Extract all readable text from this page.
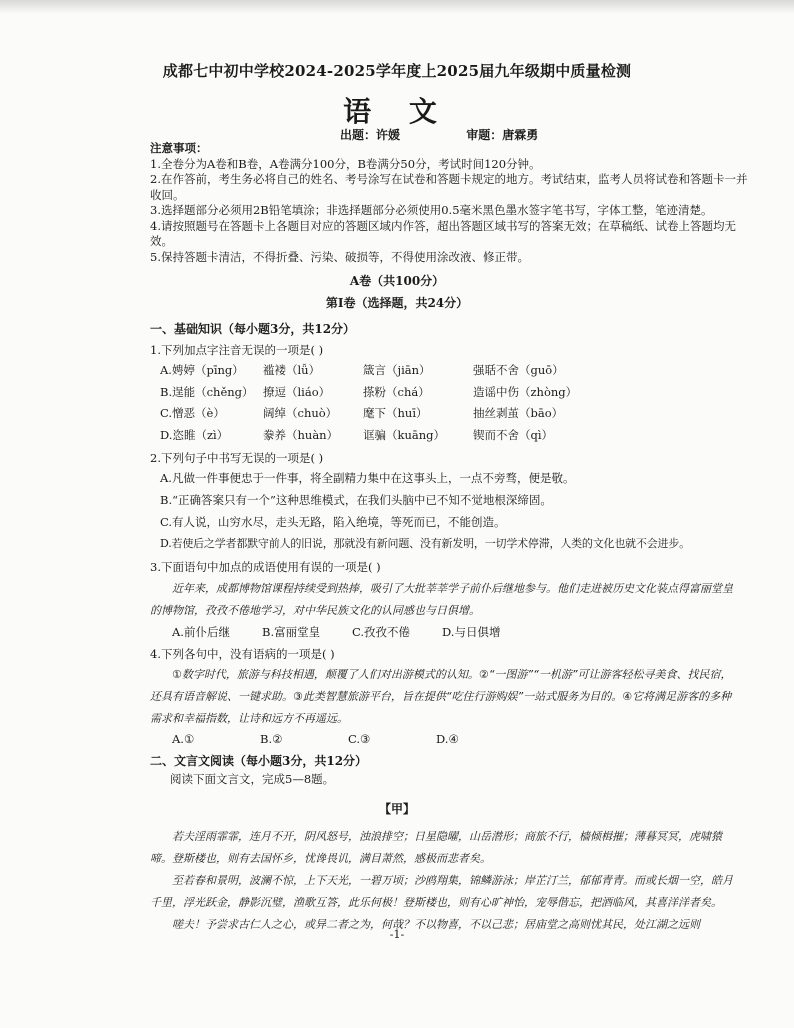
成都七中初中学校2024-2025学年度上2025届九年级期中质量检测
语 文
出题：许媛	审题：唐霖勇
注意事项：

1.全卷分为A卷和B卷，A卷满分100分，B卷满分50分，考试时间120分钟。

2.在作答前，考生务必将自己的姓名、考号涂写在试卷和答题卡规定的地方。考试结束，监考人员将试卷和答题卡一并收回。

3.选择题部分必须用2B铅笔填涂；非选择题部分必须使用0.5毫米黑色墨水签字笔书写，字体工整，笔迹清楚。

4.请按照题号在答题卡上各题目对应的答题区域内作答，超出答题区域书写的答案无效；在草稿纸、试卷上答题均无效。

5.保持答题卡清洁，不得折叠、污染、破损等，不得使用涂改液、修正带。

A卷（共100分）
第Ⅰ卷（选择题，共24分）
一、基础知识（每小题3分，共12分）
1.下列加点字注音无误的一项是( )
A.娉婷（pīng） 褴褛（lǚ）	箴言（jiān）	强聒不舍（guō）
B.逞能（chěng） 撩逗（liáo）	搽粉（chá）	造谣中伤（zhòng）
C.憎恶（è）	阔绰（chuò） 麾下（huī）	抽丝剥茧（bāo）
D.恣睢（zì）	豢养（huàn） 诓骗（kuāng） 锲而不舍（qì）
2.下列句子中书写无误的一项是( )
A.凡做一件事便忠于一件事，将全副精力集中在这事头上，一点不旁骛，便是敬。
B.“正确答案只有一个”这种思维模式，在我们头脑中已不知不觉地根深缔固。
C.有人说，山穷水尽，走头无路，陷入绝境，等死而已，不能创造。
D.若使后之学者都默守前人的旧说，那就没有新问题、没有新发明，一切学术停滞，人类的文化也就不会进步。
3.下面语句中加点的成语使用有误的一项是( )

近年来，成都博物馆课程持续受到热捧，吸引了大批莘莘学子前仆后继地参与。他们走进被历史文化装点得富丽堂皇的博物馆，孜孜不倦地学习，对中华民族文化的认同感也与日俱增。

A.前仆后继	B.富丽堂皇	C.孜孜不倦	D.与日俱增
4.下列各句中，没有语病的一项是( )

①数字时代，旅游与科技相遇，颠覆了人们对出游模式的认知。②“一图游”“一机游”可让游客轻松寻美食、找民宿，还具有语音解说、一键求助。③此类智慧旅游平台，旨在提供“吃住行游购娱”一站式服务为目的。④它将满足游客的多种需求和幸福指数，让诗和远方不再遥远。

A.①	B.②	C.③	D.④
二、文言文阅读（每小题3分，共12分）
阅读下面文言文，完成5—8题。
【甲】

若夫淫雨霏霏，连月不开，阴风怒号，浊浪排空；日星隐曜，山岳潜形；商旅不行，樯倾楫摧；薄暮冥冥，虎啸猿啼。登斯楼也，则有去国怀乡，忧谗畏讥，满目萧然，感极而悲者矣。

至若春和景明，波澜不惊，上下天光，一碧万顷；沙鸥翔集，锦鳞游泳；岸芷汀兰，郁郁青青。而或长烟一空，皓月千里，浮光跃金，静影沉璧，渔歌互答，此乐何极！登斯楼也，则有心旷神怡，宠辱偕忘，把酒临风，其喜洋洋者矣。

嗟夫！予尝求古仁人之心，或异二者之为，何哉？不以物喜，不以己悲；居庙堂之高则忧其民，处江湖之远则

-1-
